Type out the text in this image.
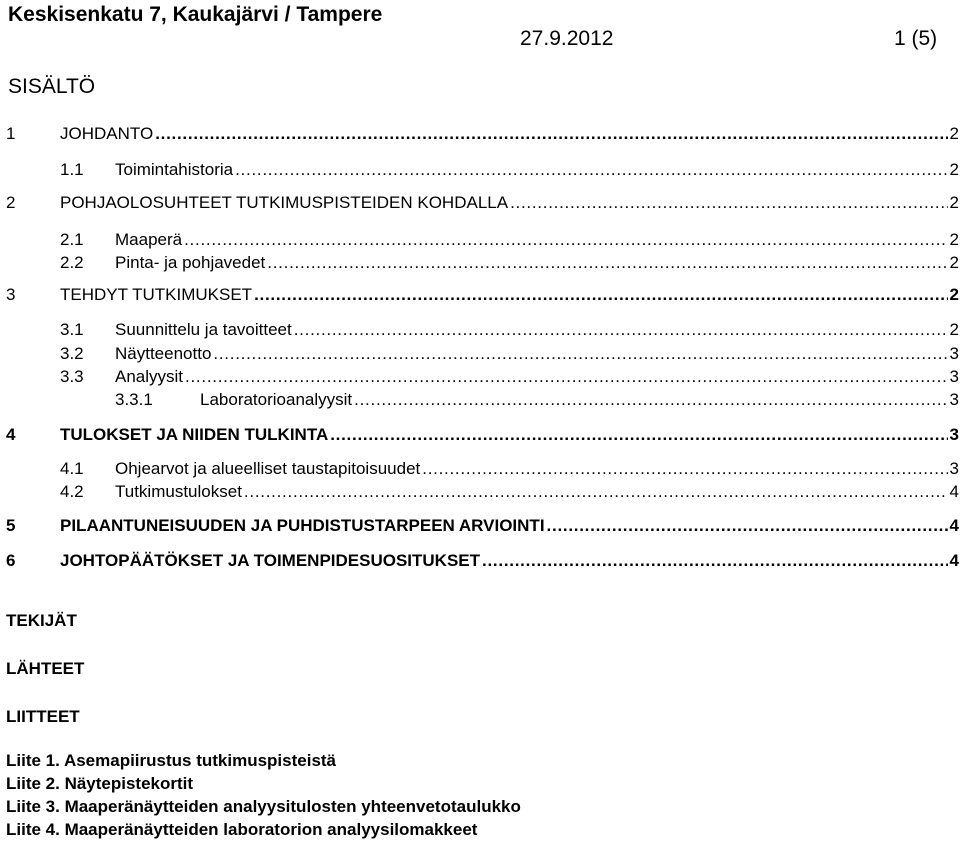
Keskisenkatu 7, Kaukajärvi / Tampere
27.9.2012	1 (5)
SISÄLTÖ
1	JOHDANTO . . .	2
1.1	Toimintahistoria . . .	2
2	POHJAOLOSUHTEET TUTKIMUSPISTEIDEN KOHDALLA . . .	2
2.1	Maaperä . . .	2
2.2	Pinta- ja pohjavedet . . .	2
3	TEHDYT TUTKIMUKSET . . .	2
3.1	Suunnittelu ja tavoitteet . . .	2
3.2	Näytteenotto . . .	3
3.3	Analyysit . . .	3
3.3.1	Laboratorioanalyysit . . .	3
4	TULOKSET JA NIIDEN TULKINTA . . .	3
4.1	Ohjearvot ja alueelliset taustapitoisuudet . . .	3
4.2	Tutkimustulokset . . .	4
5	PILAANTUNEISUUDEN JA PUHDISTUSTARPEEN ARVIOINTI . . .	4
6	JOHTOPÄÄTÖKSET JA TOIMENPIDESUOSITUKSET . . .	4
TEKIJÄT
LÄHTEET
LIITTEET
Liite 1. Asemapiirustus tutkimuspisteistä
Liite 2. Näytepistekortit
Liite 3. Maaperänäytteiden analyysitulosten yhteenvetotaulukko
Liite 4. Maaperänäytteiden laboratorion analyysilomakkeet
